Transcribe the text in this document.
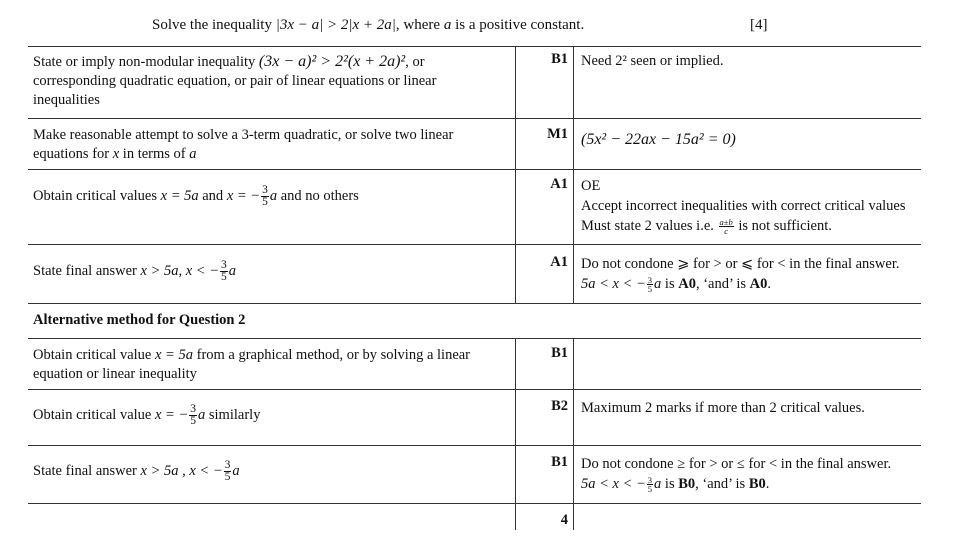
Solve the inequality |3x − a| > 2|x + 2a|, where a is a positive constant.	[4]
State or imply non-modular inequality (3x − a)² > 2²(x + 2a)², or corresponding quadratic equation, or pair of linear equations or linear inequalities
B1 Need 2² seen or implied.
Make reasonable attempt to solve a 3-term quadratic, or solve two linear equations for x in terms of a
M1 (5x² − 22ax − 15a² = 0)
Obtain critical values x = 5a and x = − $\frac{3}{5}$ a and no others
A1 OE
Accept incorrect inequalities with correct critical values
Must state 2 values i.e. $\frac{a\pm b}{c}$ is not sufficient.
State final answer x > 5a, x < − $\frac{3}{5}$ a
A1 Do not condone ⩾ for > or ⩽ for < in the final answer.
5a < x < − $\frac{3}{5}$ a is A0, ‘and’ is A0.
Alternative method for Question 2
Obtain critical value x = 5a from a graphical method, or by solving a linear equation or linear inequality
B1
Obtain critical value x = − $\frac{3}{5}$ a similarly
B2 Maximum 2 marks if more than 2 critical values.
State final answer x > 5a , x < − $\frac{3}{5}$ a
B1 Do not condone ≥ for > or ≤ for < in the final answer.
5a < x < − $\frac{3}{5}$ a is B0, ‘and’ is B0.
4
